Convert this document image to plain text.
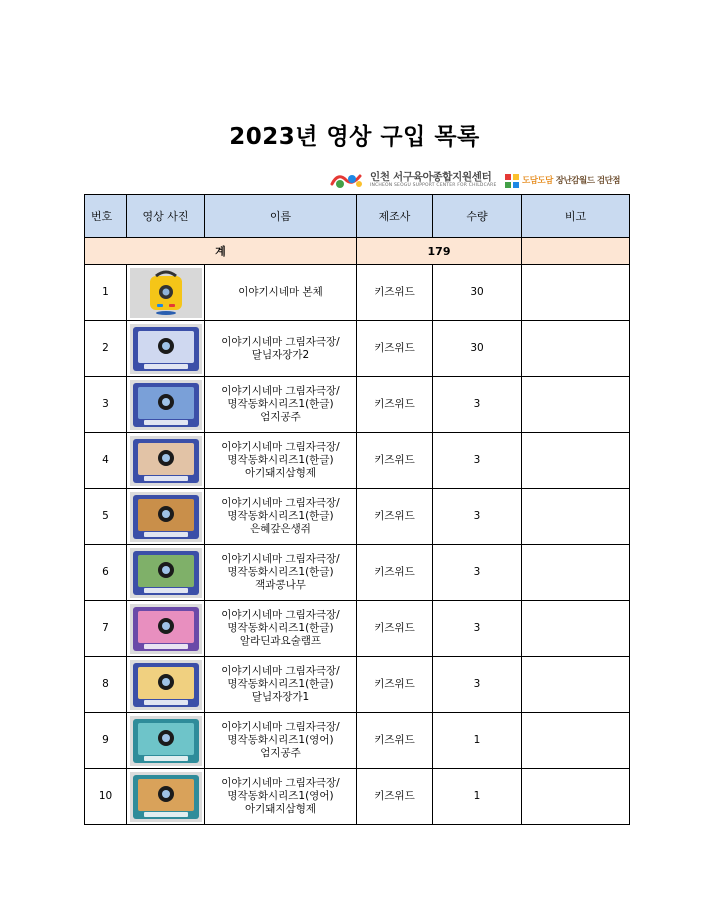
2023년 영상 구입 목록
인천 서구육아종합지원센터
INCHEON SEOGU SUPPORT CENTER FOR CHILDCARE	도담도담 장난감월드 검단점
번호	영상 사진	이름	제조사	수량	비고
계			179		
1		이야기시네마 본체	키즈위드	30	
2		이야기시네마 그림자극장/
달님자장가2	키즈위드	30	
3		이야기시네마 그림자극장/
명작동화시리즈1(한글)
엄지공주	키즈위드	3	
4		이야기시네마 그림자극장/
명작동화시리즈1(한글)
아기돼지삼형제	키즈위드	3	
5		이야기시네마 그림자극장/
명작동화시리즈1(한글)
은혜갚은생쥐	키즈위드	3	
6		이야기시네마 그림자극장/
명작동화시리즈1(한글)
잭과콩나무	키즈위드	3	
7		이야기시네마 그림자극장/
명작동화시리즈1(한글)
알라딘과요술램프	키즈위드	3	
8		이야기시네마 그림자극장/
명작동화시리즈1(한글)
달님자장가1	키즈위드	3	
9		이야기시네마 그림자극장/
명작동화시리즈1(영어)
엄지공주	키즈위드	1	
10		이야기시네마 그림자극장/
명작동화시리즈1(영어)
아기돼지삼형제	키즈위드	1	
